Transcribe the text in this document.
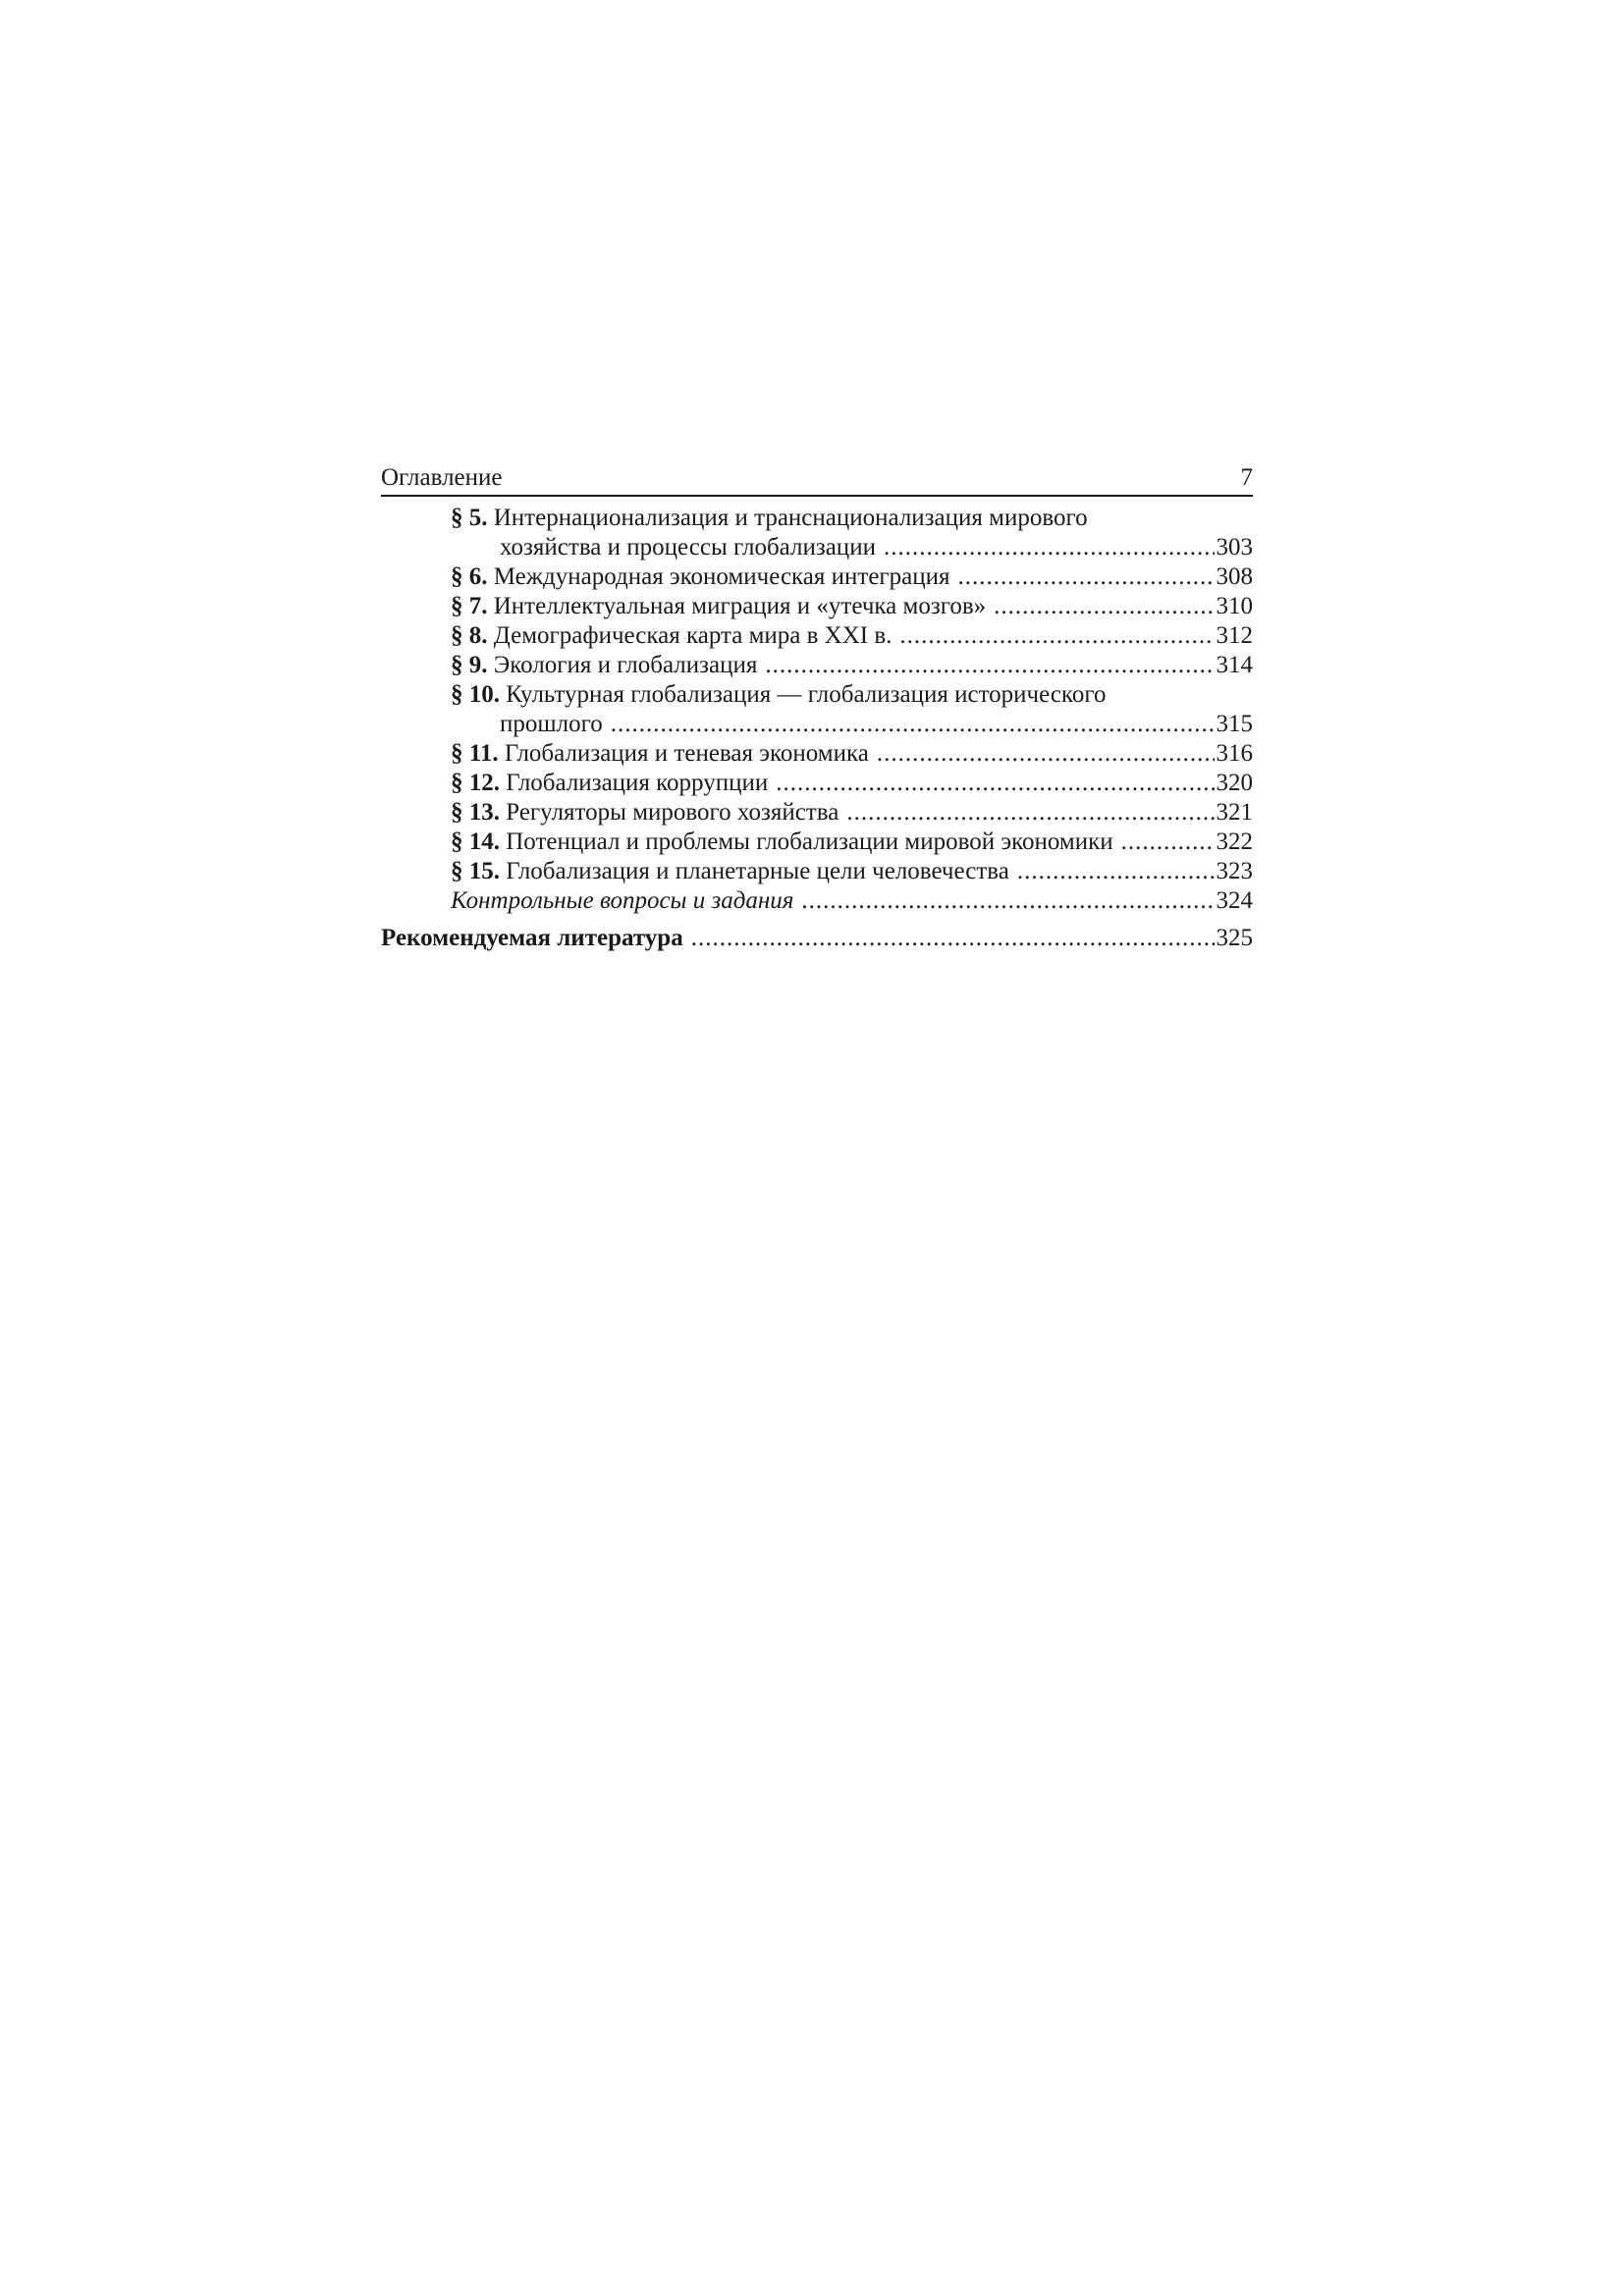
Оглавление	7
§ 5. Интернационализация и транснационализация мирового
хозяйства и процессы глобализации .....	303
§ 6. Международная экономическая интеграция .....	308
§ 7. Интеллектуальная миграция и «утечка мозгов» .....	310
§ 8. Демографическая карта мира в XXI в. .....	312
§ 9. Экология и глобализация .....	314
§ 10. Культурная глобализация — глобализация исторического
прошлого .....	315
§ 11. Глобализация и теневая экономика .....	316
§ 12. Глобализация коррупции .....	320
§ 13. Регуляторы мирового хозяйства .....	321
§ 14. Потенциал и проблемы глобализации мировой экономики .....	322
§ 15. Глобализация и планетарные цели человечества .....	323
Контрольные вопросы и задания .....	324
Рекомендуемая литература .....	325
